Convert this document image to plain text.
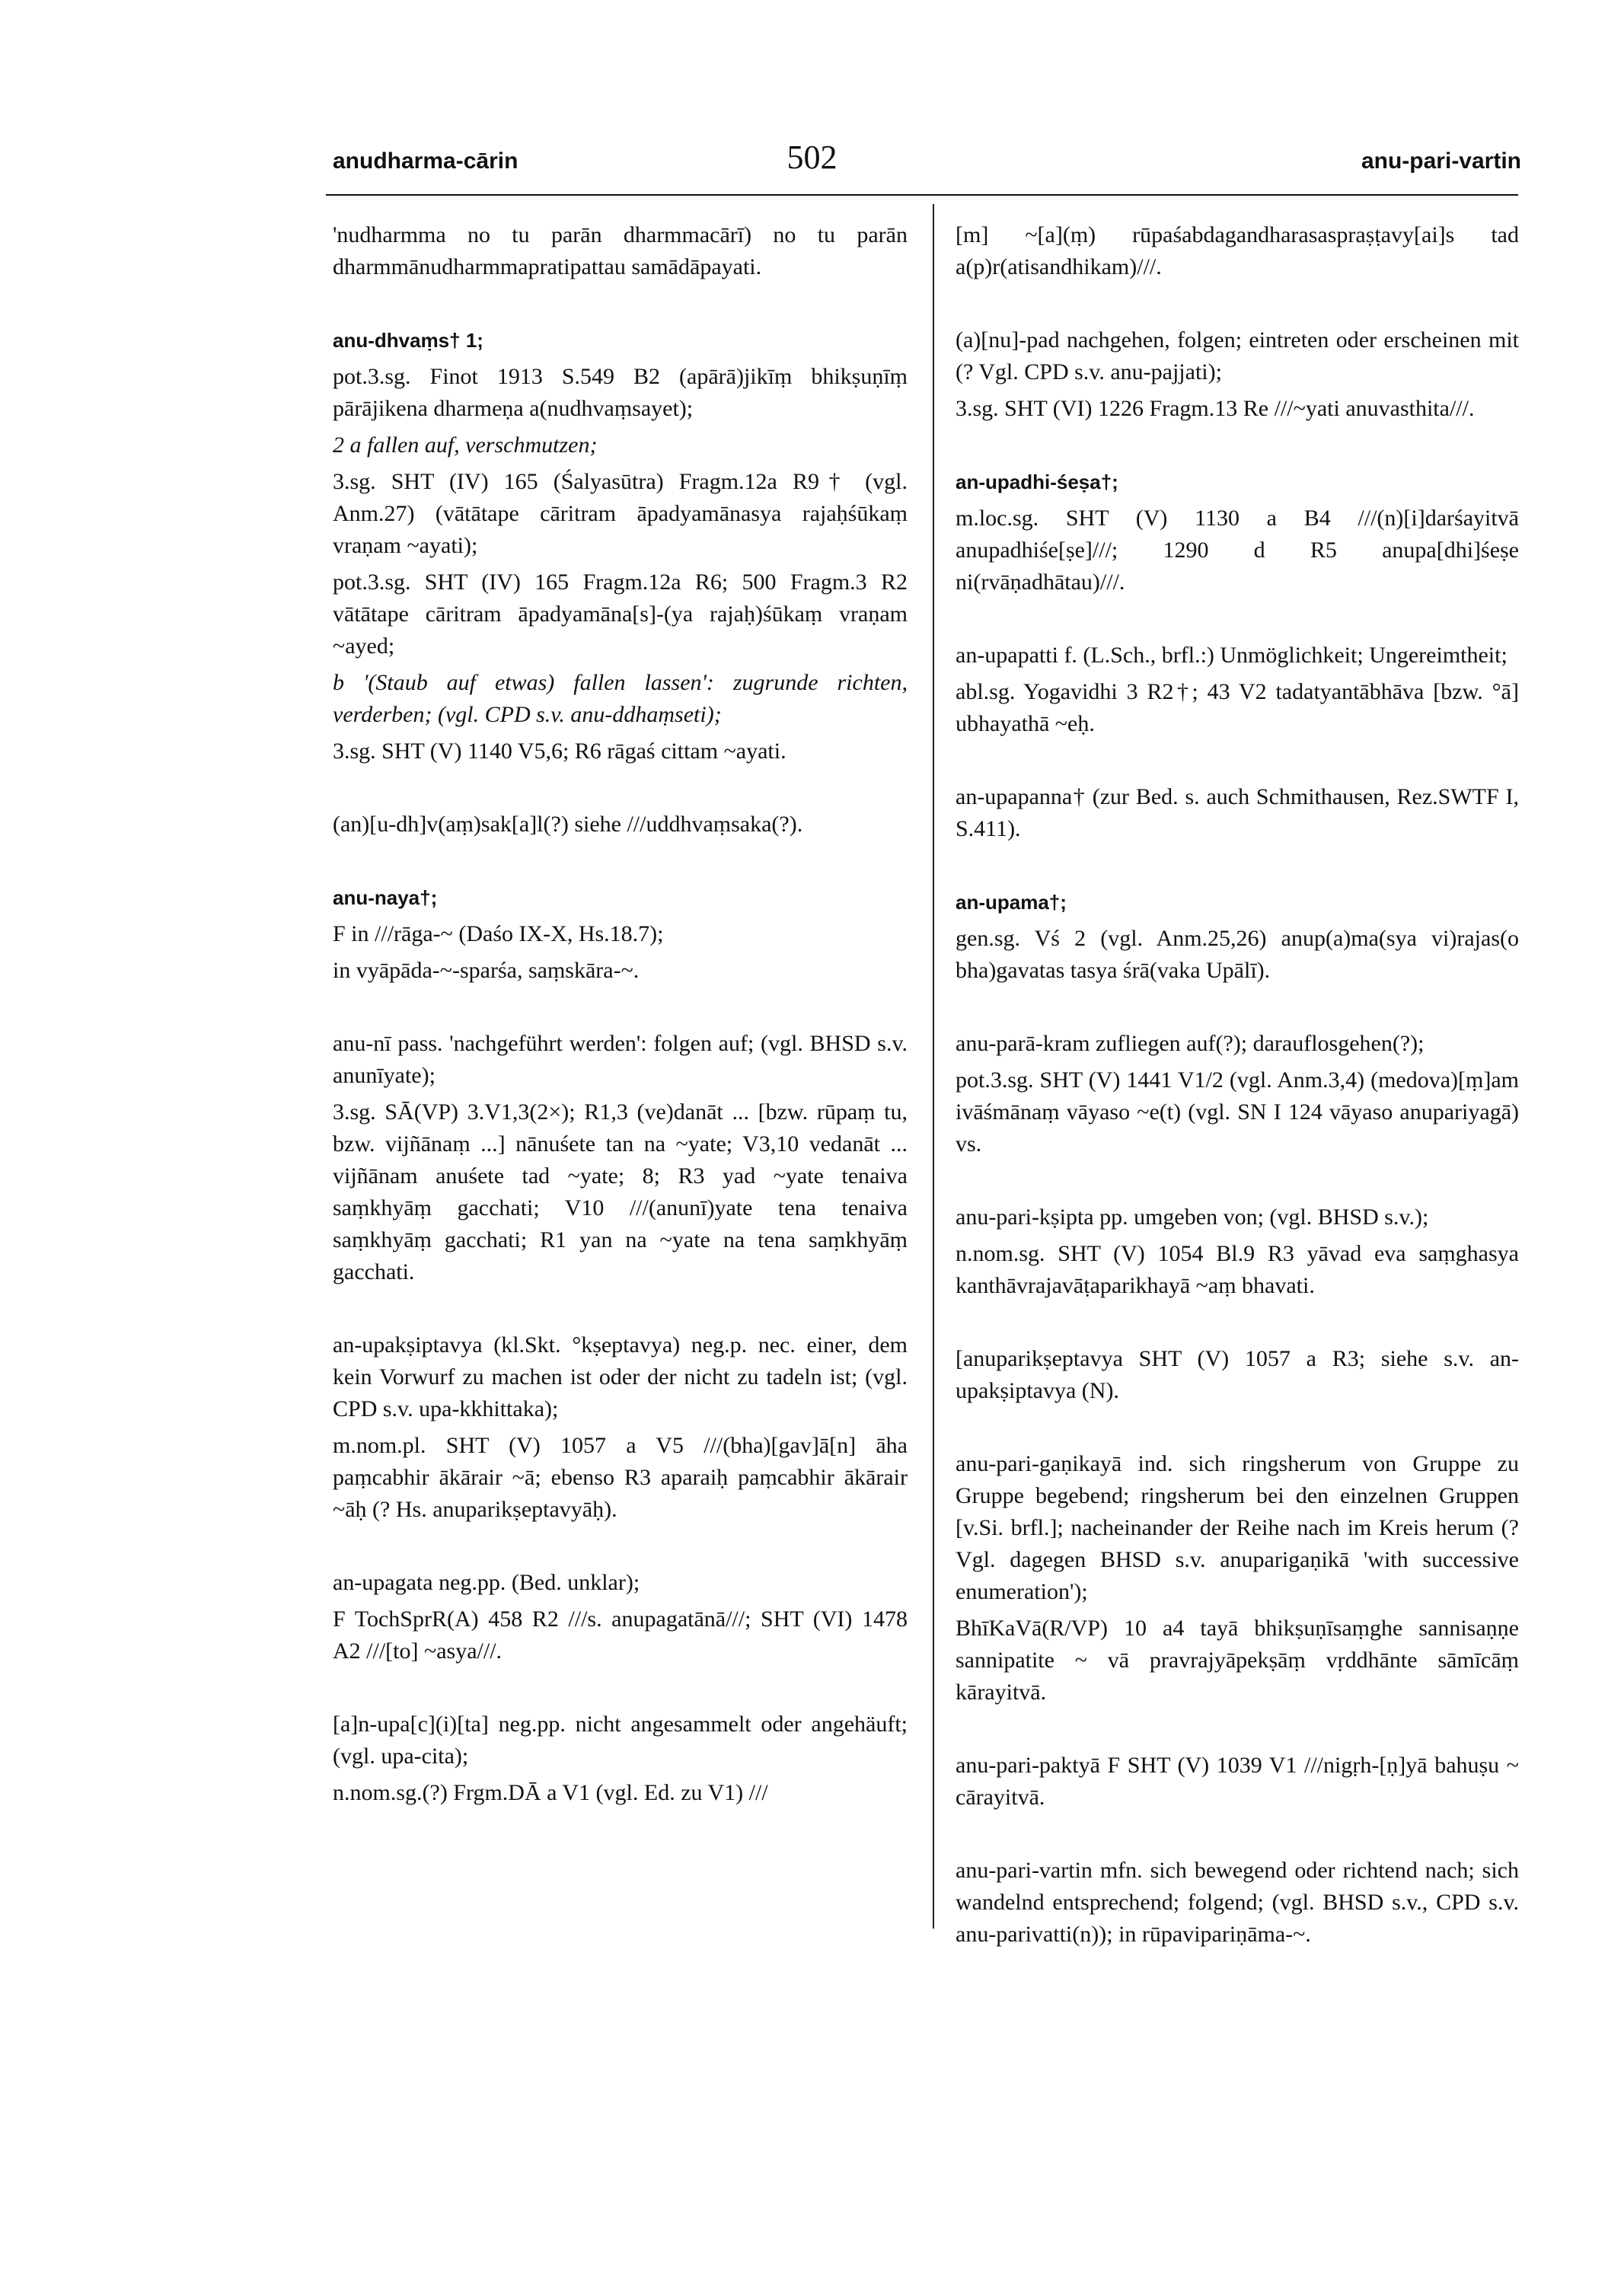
anudharma-cārin	502	anu-pari-vartin

'nudharmma no tu parān dharmmacārī) no tu parān dharmmānudharmmapratipattau samādāpayati.

anu-dhvaṃs† 1;

pot.3.sg. Finot 1913 S.549 B2 (apārā)jikīṃ bhikṣuṇīṃ pārājikena dharmeṇa a(nudhvaṃsayet);

2 a fallen auf, verschmutzen;

3.sg. SHT (IV) 165 (Śalyasūtra) Fragm.12a R9† (vgl. Anm.27) (vātātape cāritram āpadyamānasya rajaḥśūkaṃ vraṇam ~ayati);

pot.3.sg. SHT (IV) 165 Fragm.12a R6; 500 Fragm.3 R2 vātātape cāritram āpadyamāna[s]-(ya rajaḥ)śūkaṃ vraṇam ~ayed;

b '(Staub auf etwas) fallen lassen': zugrunde richten, verderben; (vgl. CPD s.v. anu-ddhaṃseti);

3.sg. SHT (V) 1140 V5,6; R6 rāgaś cittam ~ayati.

(an)[u-dh]v(aṃ)sak[a]l(?) siehe ///uddhvaṃsaka(?).

anu-naya†;

F in ///rāga-~ (Daśo IX-X, Hs.18.7);

in vyāpāda-~-sparśa, saṃskāra-~.

anu-nī pass. 'nachgeführt werden': folgen auf; (vgl. BHSD s.v. anunīyate);

3.sg. SĀ(VP) 3.V1,3(2×); R1,3 (ve)danāt ... [bzw. rūpaṃ tu, bzw. vijñānaṃ ...] nānuśete tan na ~yate; V3,10 vedanāt ... vijñānam anuśete tad ~yate; 8; R3 yad ~yate tenaiva saṃkhyāṃ gacchati; V10 ///(anunī)yate tena tenaiva saṃkhyāṃ gacchati; R1 yan na ~yate na tena saṃkhyāṃ gacchati.

an-upakṣiptavya (kl.Skt. °kṣeptavya) neg.p. nec. einer, dem kein Vorwurf zu machen ist oder der nicht zu tadeln ist; (vgl. CPD s.v. upa-kkhittaka);

m.nom.pl. SHT (V) 1057 a V5 ///(bha)[gav]ā[n] āha paṃcabhir ākārair ~ā; ebenso R3 aparaiḥ paṃcabhir ākārair ~āḥ (? Hs. anuparikṣeptavyāḥ).

an-upagata neg.pp. (Bed. unklar);

F TochSprR(A) 458 R2 ///s. anupagatānā///; SHT (VI) 1478 A2 ///[to] ~asya///.

[a]n-upa[c](i)[ta] neg.pp. nicht angesammelt oder angehäuft; (vgl. upa-cita);

n.nom.sg.(?) Frgm.DĀ a V1 (vgl. Ed. zu V1) ///

[m] ~[a](ṃ) rūpaśabdagandharasaspraṣṭavy[ai]s tad a(p)r(atisandhikam)///.

(a)[nu]-pad nachgehen, folgen; eintreten oder erscheinen mit (? Vgl. CPD s.v. anu-pajjati);

3.sg. SHT (VI) 1226 Fragm.13 Re ///~yati anuvasthita///.

an-upadhi-śeṣa†;

m.loc.sg. SHT (V) 1130 a B4 ///(n)[i]darśayitvā anupadhiśe[ṣe]///; 1290 d R5 anupa[dhi]śeṣe ni(rvāṇadhātau)///.

an-upapatti f. (L.Sch., brfl.:) Unmöglichkeit; Ungereimtheit;

abl.sg. Yogavidhi 3 R2†; 43 V2 tadatyantābhāva [bzw. °ā] ubhayathā ~eḥ.

an-upapanna† (zur Bed. s. auch Schmithausen, Rez.SWTF I, S.411).

an-upama†;

gen.sg. Vś 2 (vgl. Anm.25,26) anup(a)ma(sya vi)rajas(o bha)gavatas tasya śrā(vaka Upālī).

anu-parā-kram zufliegen auf(?); darauflosgehen(?);

pot.3.sg. SHT (V) 1441 V1/2 (vgl. Anm.3,4) (medova)[ṃ]am ivāśmānaṃ vāyaso ~e(t) (vgl. SN I 124 vāyaso anupariyagā) vs.

anu-pari-kṣipta pp. umgeben von; (vgl. BHSD s.v.);

n.nom.sg. SHT (V) 1054 Bl.9 R3 yāvad eva saṃghasya kanthāvrajavāṭaparikhayā ~aṃ bhavati.

[anuparikṣeptavya SHT (V) 1057 a R3; siehe s.v. an-upakṣiptavya (N).

anu-pari-gaṇikayā ind. sich ringsherum von Gruppe zu Gruppe begebend; ringsherum bei den einzelnen Gruppen [v.Si. brfl.]; nacheinander der Reihe nach im Kreis herum (? Vgl. dagegen BHSD s.v. anuparigaṇikā 'with successive enumeration');

BhīKaVā(R/VP) 10 a4 tayā bhikṣuṇīsaṃghe sannisaṇṇe sannipatite ~ vā pravrajyāpekṣāṃ vṛddhānte sāmīcāṃ kārayitvā.

anu-pari-paktyā F SHT (V) 1039 V1 ///nigṛh-[ṇ]yā bahuṣu ~ cārayitvā.

anu-pari-vartin mfn. sich bewegend oder richtend nach; sich wandelnd entsprechend; folgend; (vgl. BHSD s.v., CPD s.v. anu-parivatti(n)); in rūpavipariṇāma-~.
